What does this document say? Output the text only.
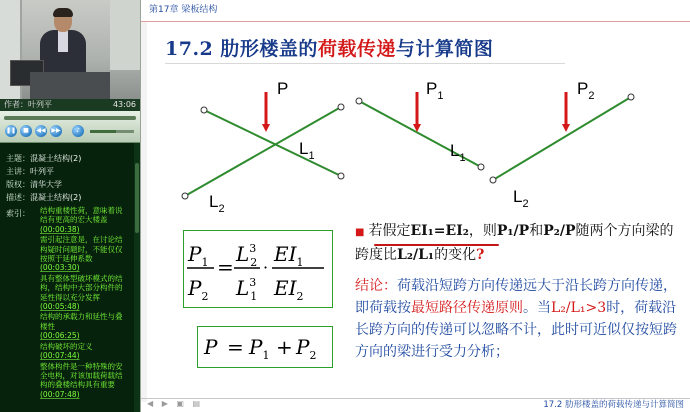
作者：叶列平	43:06
❚❚	■	◀◀ ▶▶	♪
主题：混凝土结构(2)
主讲：叶列平
版权：清华大学
描述：混凝土结构(2)
索引： 结构重楼性荷，意味着说结有更高的宏大楼盖
(00:00:38)
需引起注意是，在讨论结构疑时问题时，不能仅仅按照于延伸系数
(00:03:30)
具有整体型破坏模式的结构，结构中大部分构件的延性得以充分发挥
(00:05:48)
结构的承载力和延性与叠楼性
(00:06:25)
结构破坏的定义
(00:07:44)
整体构件是一种特殊的安全电构，对该加载荷载结构的叠楼结构具有重要
(00:07:48)
第17章 梁板结构
17.2 肋形楼盖的荷载传递与计算简图
P
$L_1$
$L_2$
$P_1$
$L_1$
$P_2$
$L_2$
$P_1$
$P_2$
=
$L^3$ 2
$L^3$ 1
·
$EI_1$
$EI_2$
$P = P_1 + P_2$
■ 若假定EI₁=EI₂，则P₁/P和P₂/P随两个方向梁的跨度比L₂/L₁的变化?
结论：荷载沿短跨方向传递远大于沿长跨方向传递，即荷载按最短路径传递原则。当L₂/L₁>3时，荷载沿长跨方向的传递可以忽略不计，此时可近似仅按短跨方向的梁进行受力分析；
◀ ▶ ▣ ▤	17.2 肋形楼盖的荷载传递与计算简图
